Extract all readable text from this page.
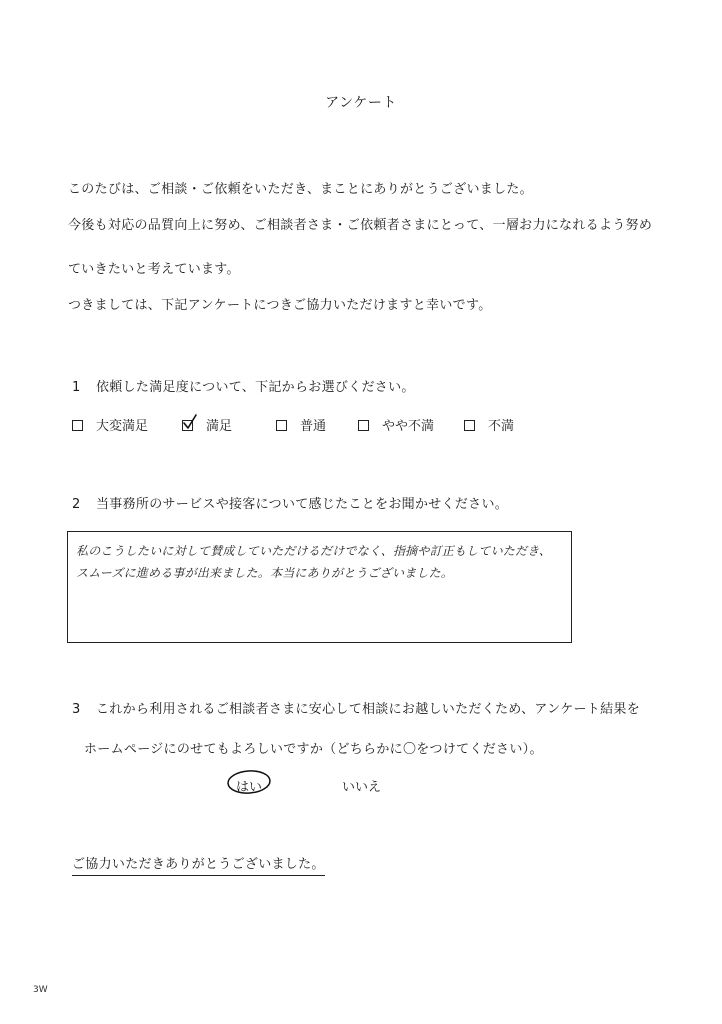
アンケート
このたびは、ご相談・ご依頼をいただき、まことにありがとうございました。
今後も対応の品質向上に努め、ご相談者さま・ご依頼者さまにとって、一層お力になれるよう努め
ていきたいと考えています。
つきましては、下記アンケートにつきご協力いただけますと幸いです。
1 依頼した満足度について、下記からお選びください。
大変満足	満足	普通	やや不満	不満
2 当事務所のサービスや接客について感じたことをお聞かせください。
私のこうしたいに対して賛成していただけるだけでなく、指摘や訂正もしていただき、
スムーズに進める事が出来ました。本当にありがとうございました。
3 これから利用されるご相談者さまに安心して相談にお越しいただくため、アンケート結果を
ホームページにのせてもよろしいですか（どちらかに〇をつけてください）。
はい	いいえ
ご協力いただきありがとうございました。
3W
